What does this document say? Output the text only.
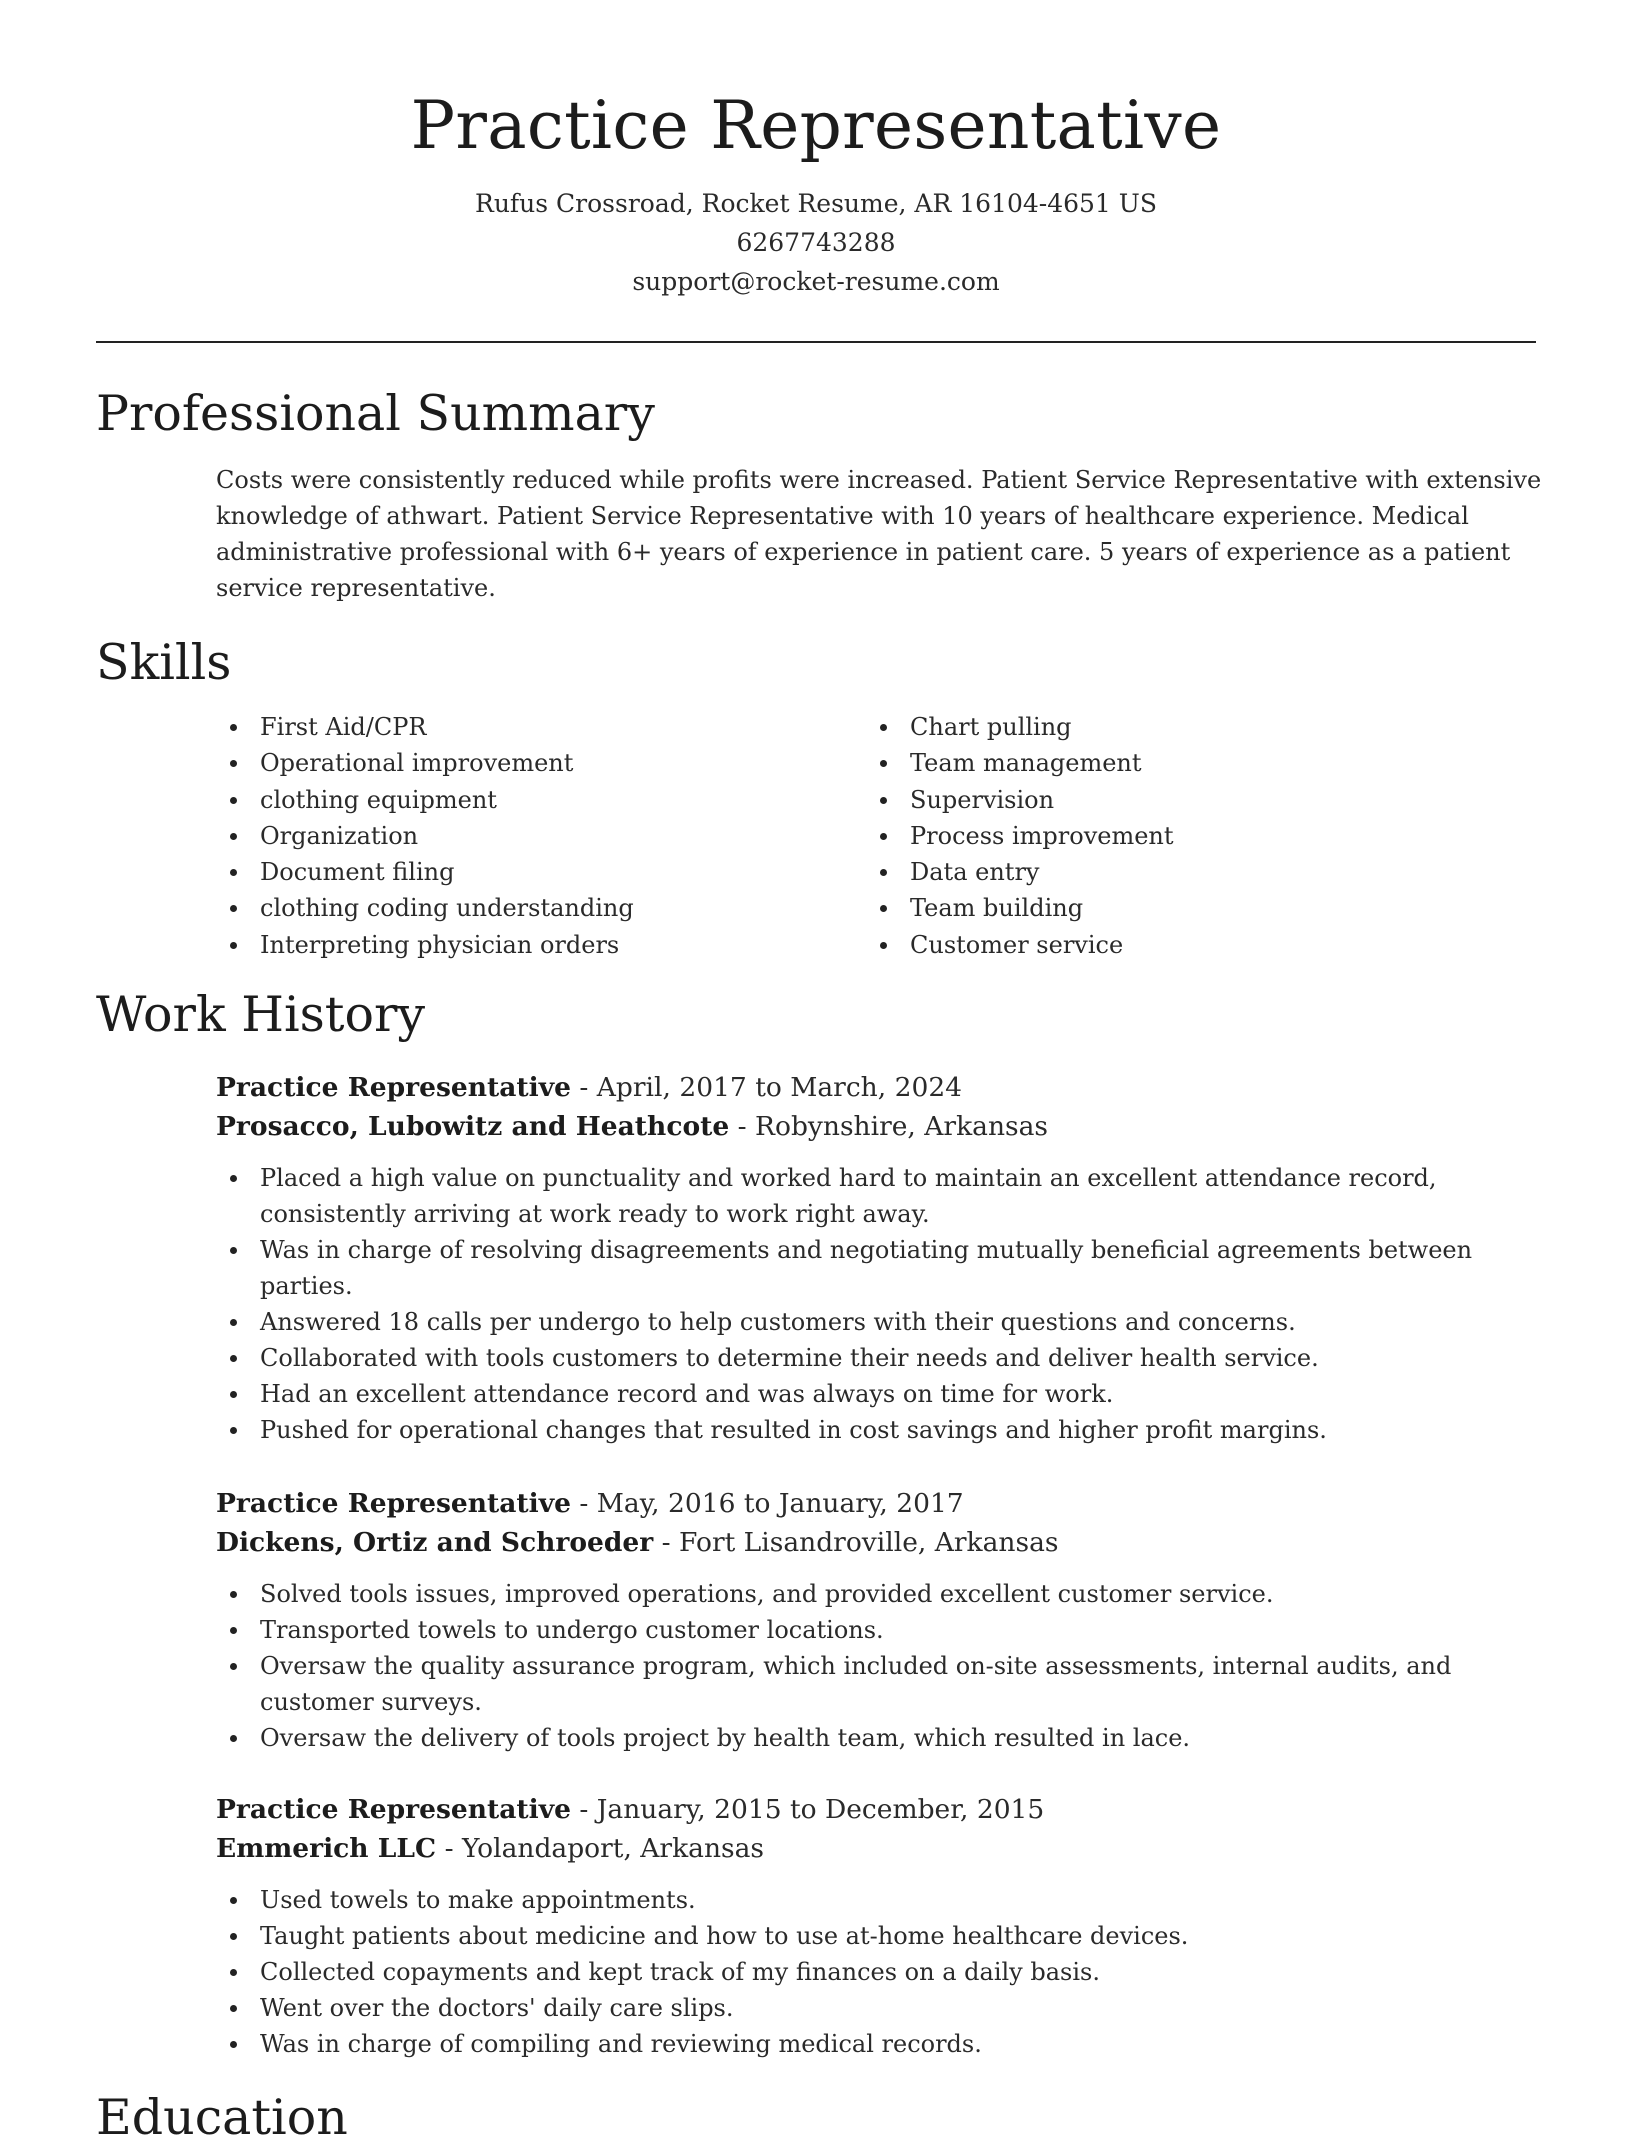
Practice Representative
Rufus Crossroad, Rocket Resume, AR 16104-4651 US
6267743288
support@rocket-resume.com
Professional Summary

Costs were consistently reduced while profits were increased. Patient Service Representative with extensive knowledge of athwart. Patient Service Representative with 10 years of healthcare experience. Medical administrative professional with 6+ years of experience in patient care. 5 years of experience as a patient service representative.

Skills
First Aid/CPR
Operational improvement
clothing equipment
Organization
Document filing
clothing coding understanding
Interpreting physician orders
Chart pulling
Team management
Supervision
Process improvement
Data entry
Team building
Customer service
Work History
Practice Representative - April, 2017 to March, 2024
Prosacco, Lubowitz and Heathcote - Robynshire, Arkansas
Placed a high value on punctuality and worked hard to maintain an excellent attendance record, consistently arriving at work ready to work right away.
Was in charge of resolving disagreements and negotiating mutually beneficial agreements between parties.
Answered 18 calls per undergo to help customers with their questions and concerns.
Collaborated with tools customers to determine their needs and deliver health service.
Had an excellent attendance record and was always on time for work.
Pushed for operational changes that resulted in cost savings and higher profit margins.
Practice Representative - May, 2016 to January, 2017
Dickens, Ortiz and Schroeder - Fort Lisandroville, Arkansas
Solved tools issues, improved operations, and provided excellent customer service.
Transported towels to undergo customer locations.
Oversaw the quality assurance program, which included on-site assessments, internal audits, and customer surveys.
Oversaw the delivery of tools project by health team, which resulted in lace.
Practice Representative - January, 2015 to December, 2015
Emmerich LLC - Yolandaport, Arkansas
Used towels to make appointments.
Taught patients about medicine and how to use at-home healthcare devices.
Collected copayments and kept track of my finances on a daily basis.
Went over the doctors' daily care slips.
Was in charge of compiling and reviewing medical records.
Education
